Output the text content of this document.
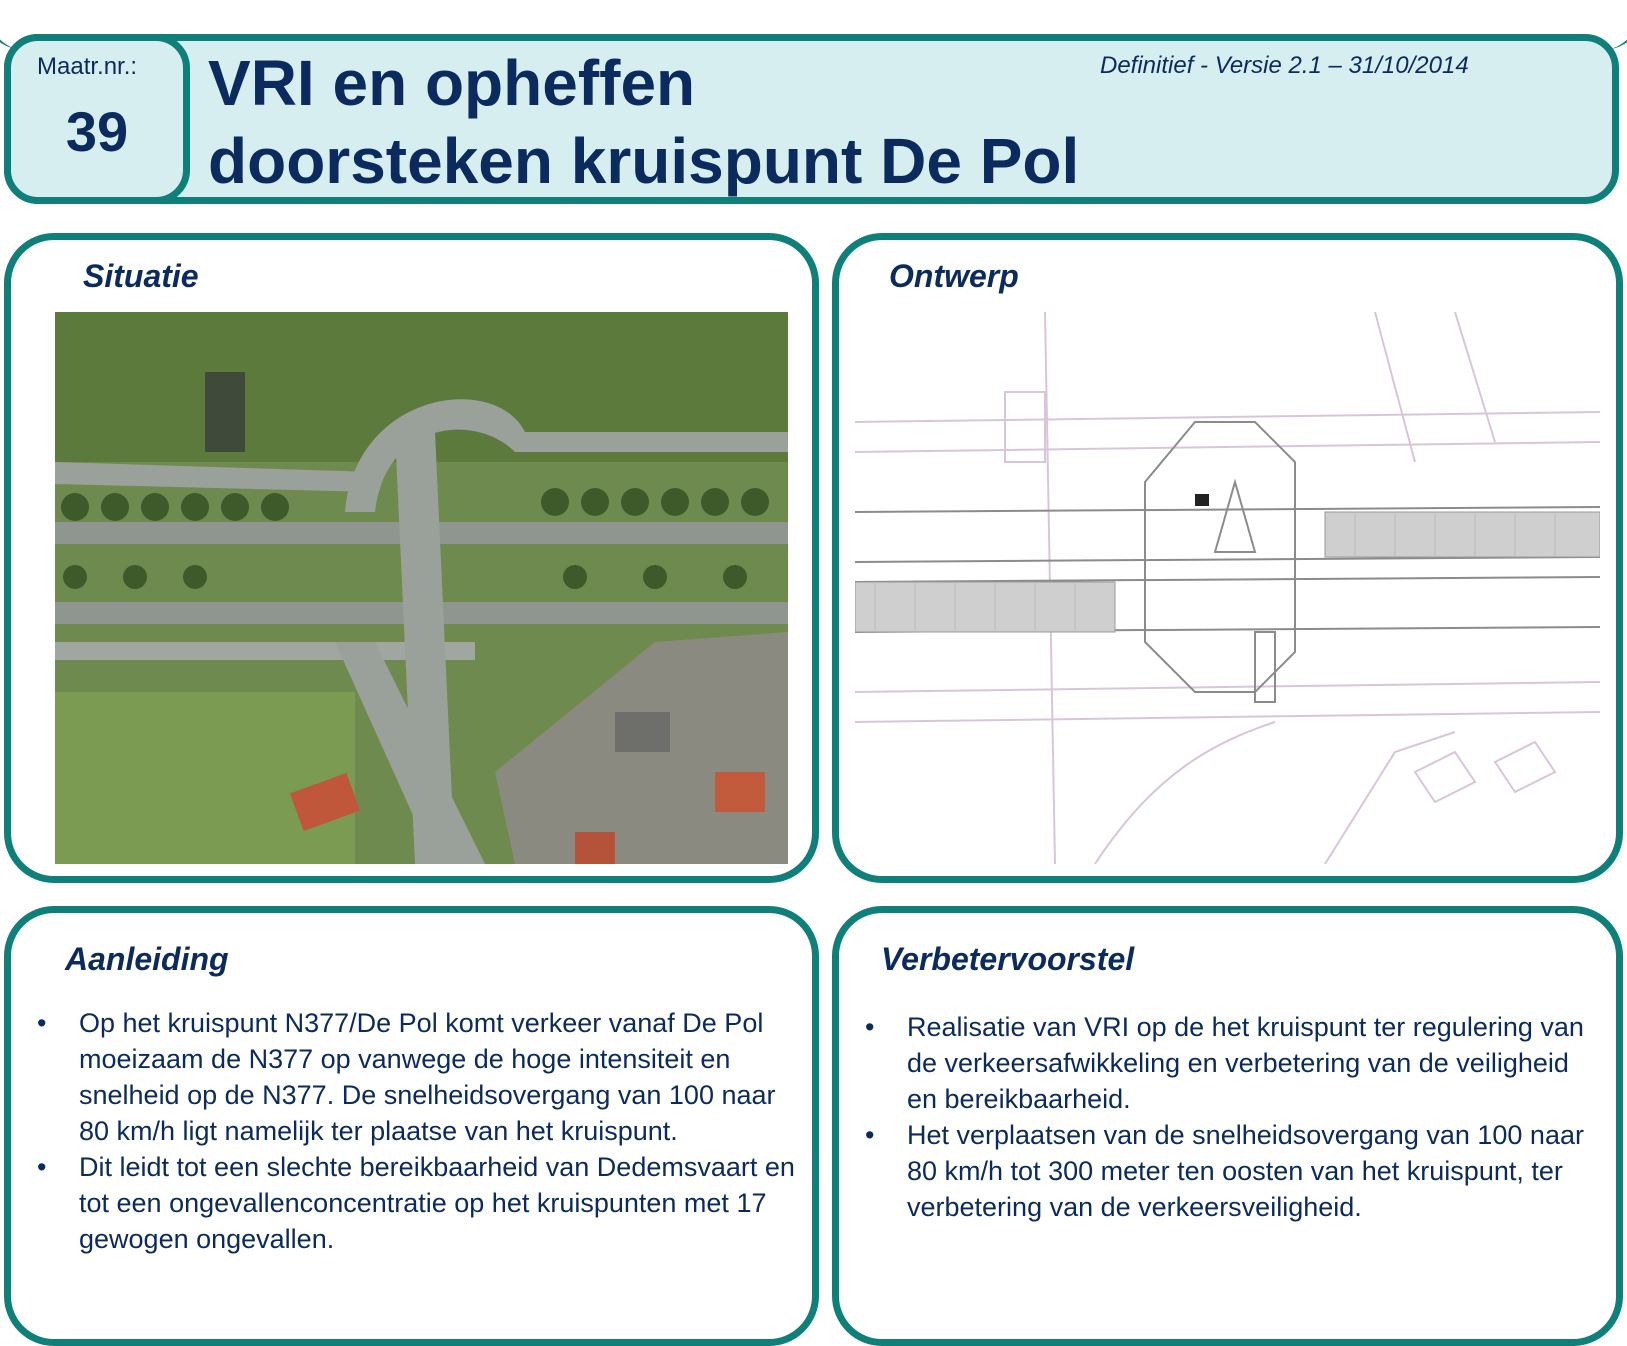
Maatr.nr.:
39
VRI en opheffen
doorsteken kruispunt De Pol
Definitief - Versie 2.1 – 31/10/2014
Situatie	Ontwerp
Aanleiding
• Op het kruispunt N377/De Pol komt verkeer vanaf De Pol moeizaam de N377 op vanwege de hoge intensiteit en snelheid op de N377. De snelheidsovergang van 100 naar 80 km/h ligt namelijk ter plaatse van het kruispunt.
• Dit leidt tot een slechte bereikbaarheid van Dedemsvaart en tot een ongevallenconcentratie op het kruispunten met 17 gewogen ongevallen.
Verbetervoorstel
• Realisatie van VRI op de het kruispunt ter regulering van de verkeersafwikkeling en verbetering van de veiligheid en bereikbaarheid.
• Het verplaatsen van de snelheidsovergang van 100 naar 80 km/h tot 300 meter ten oosten van het kruispunt, ter verbetering van de verkeersveiligheid.
